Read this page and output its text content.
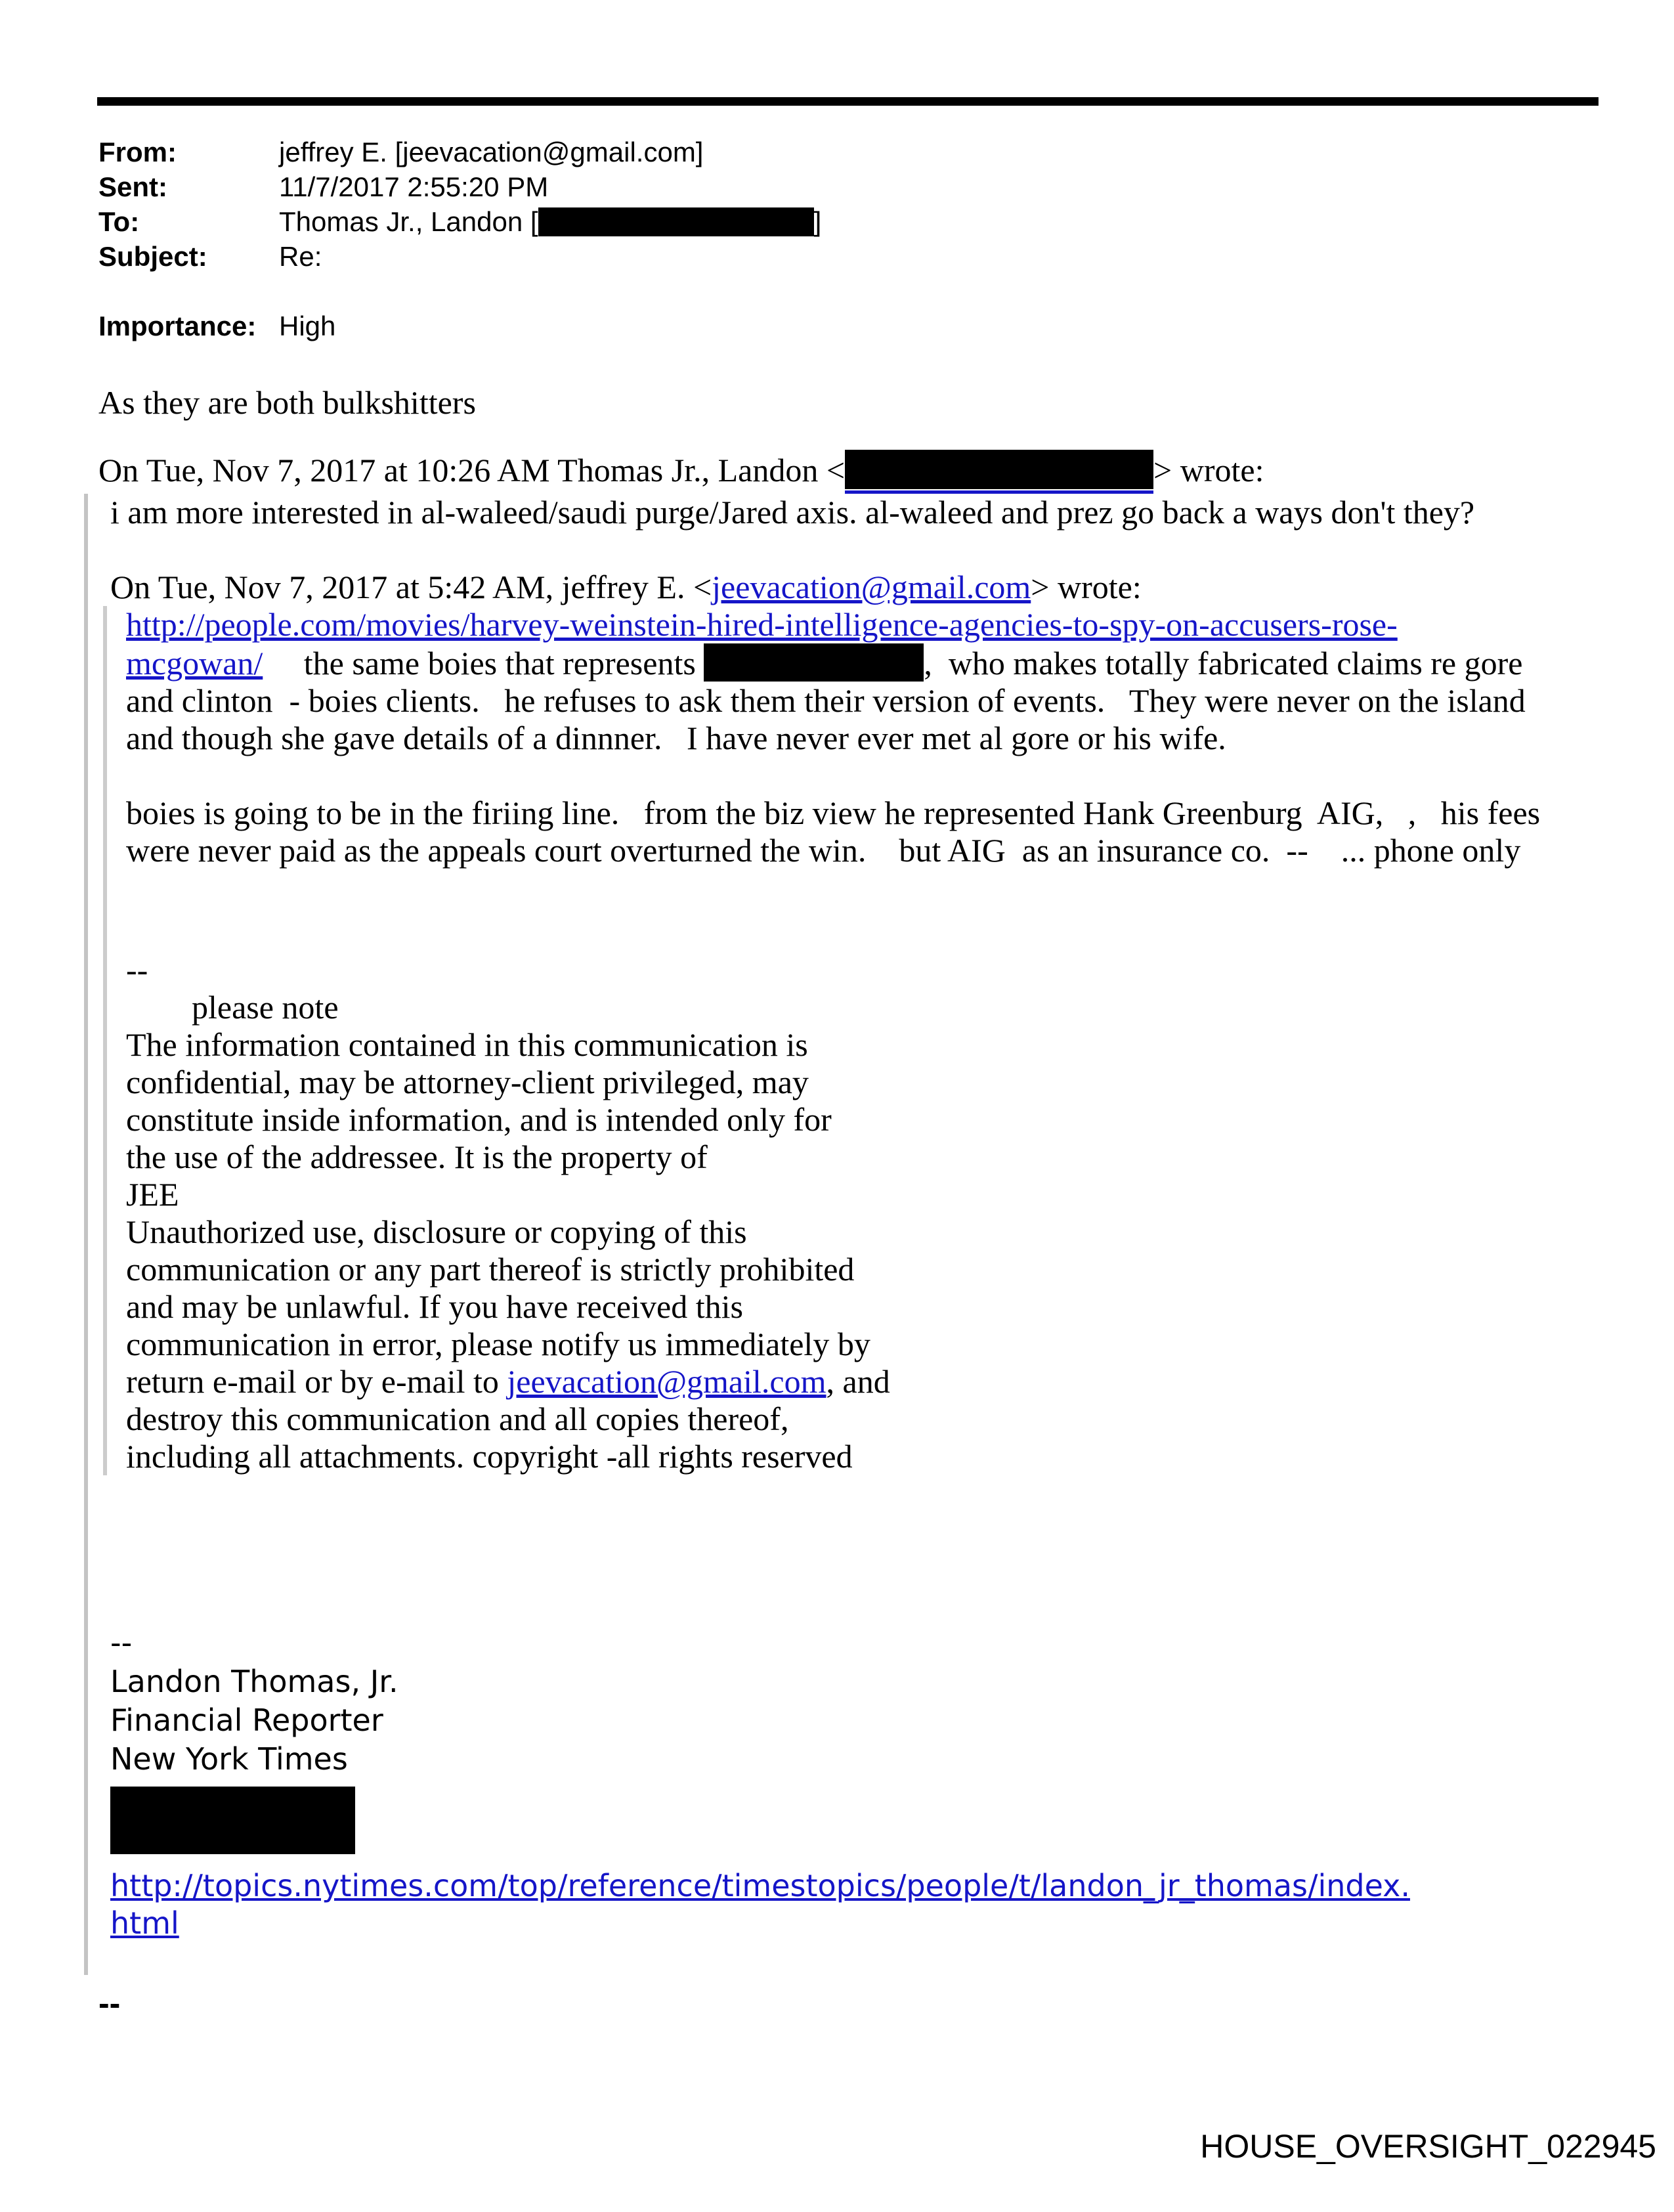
From:	jeffrey E. [jeevacation@gmail.com]
Sent:	11/7/2017 2:55:20 PM
To:	Thomas Jr., Landon [	]
Subject:	Re:
Importance: High
As they are both bulkshitters
On Tue, Nov 7, 2017 at 10:26 AM Thomas Jr., Landon <	> wrote:
i am more interested in al-waleed/saudi purge/Jared axis. al-waleed and prez go back a ways don't they?
On Tue, Nov 7, 2017 at 5:42 AM, jeffrey E. <jeevacation@gmail.com> wrote:
http://people.com/movies/harvey-weinstein-hired-intelligence-agencies-to-spy-on-accusers-rose-
mcgowan/     the same boies that represents	,  who makes totally fabricated claims re gore and clinton  - boies clients.   he refuses to ask them their version of events.   They were never on the island and though she gave details of a dinnner.   I have never ever met al gore or his wife.
boies is going to be in the firiing line.   from the biz view he represented Hank Greenburg  AIG,   ,   his fees were never paid as the appeals court overturned the win.    but AIG  as an insurance co.  --    ... phone only
--
please note
The information contained in this communication is
confidential, may be attorney-client privileged, may
constitute inside information, and is intended only for
the use of the addressee. It is the property of
JEE
Unauthorized use, disclosure or copying of this
communication or any part thereof is strictly prohibited
and may be unlawful. If you have received this
communication in error, please notify us immediately by
return e-mail or by e-mail to jeevacation@gmail.com, and
destroy this communication and all copies thereof,
including all attachments. copyright -all rights reserved
--
Landon Thomas, Jr.
Financial Reporter
New York Times
http://topics.nytimes.com/top/reference/timestopics/people/t/landon_jr_thomas/index.
html
--
HOUSE_OVERSIGHT_022945
